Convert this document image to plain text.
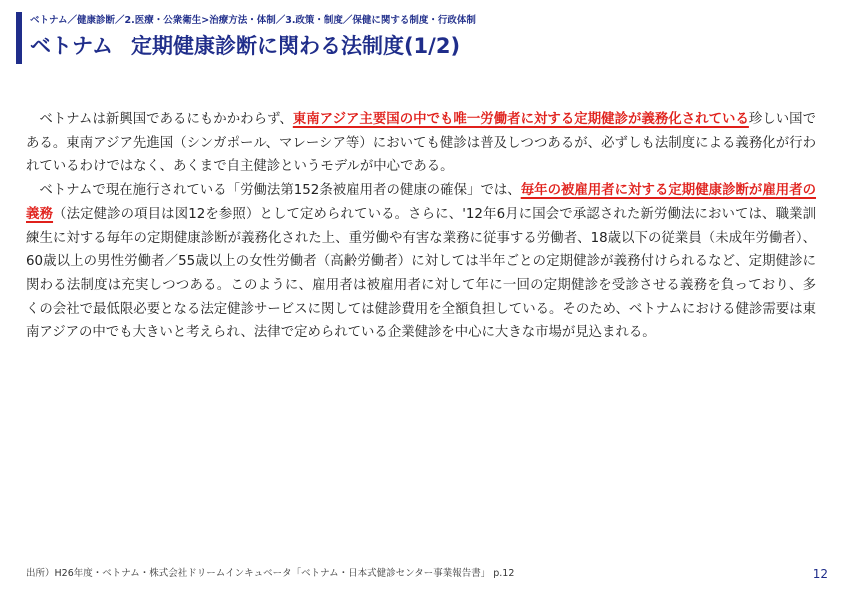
ベトナム／健康診断／2.医療・公衆衛生>治療方法・体制／3.政策・制度／保健に関する制度・行政体制
ベトナム 定期健康診断に関わる法制度(1/2)

ベトナムは新興国であるにもかかわらず、東南アジア主要国の中でも唯一労働者に対する定期健診が義務化されている珍しい国である。東南アジア先進国（シンガポール、マレーシア等）においても健診は普及しつつあるが、必ずしも法制度による義務化が行われているわけではなく、あくまで自主健診というモデルが中心である。

ベトナムで現在施行されている「労働法第152条被雇用者の健康の確保」では、毎年の被雇用者に対する定期健康診断が雇用者の義務（法定健診の項目は図12を参照）として定められている。さらに、'12年6月に国会で承認された新労働法においては、職業訓練生に対する毎年の定期健康診断が義務化された上、重労働や有害な業務に従事する労働者、18歳以下の従業員（未成年労働者）、60歳以上の男性労働者／55歳以上の女性労働者（高齢労働者）に対しては半年ごとの定期健診が義務付けられるなど、定期健診に関わる法制度は充実しつつある。このように、雇用者は被雇用者に対して年に一回の定期健診を受診させる義務を負っており、多くの会社で最低限必要となる法定健診サービスに関しては健診費用を全額負担している。そのため、ベトナムにおける健診需要は東南アジアの中でも大きいと考えられ、法律で定められている企業健診を中心に大きな市場が見込まれる。

出所）H26年度・ベトナム・株式会社ドリームインキュベータ「ベトナム・日本式健診センター事業報告書」 p.12	12
